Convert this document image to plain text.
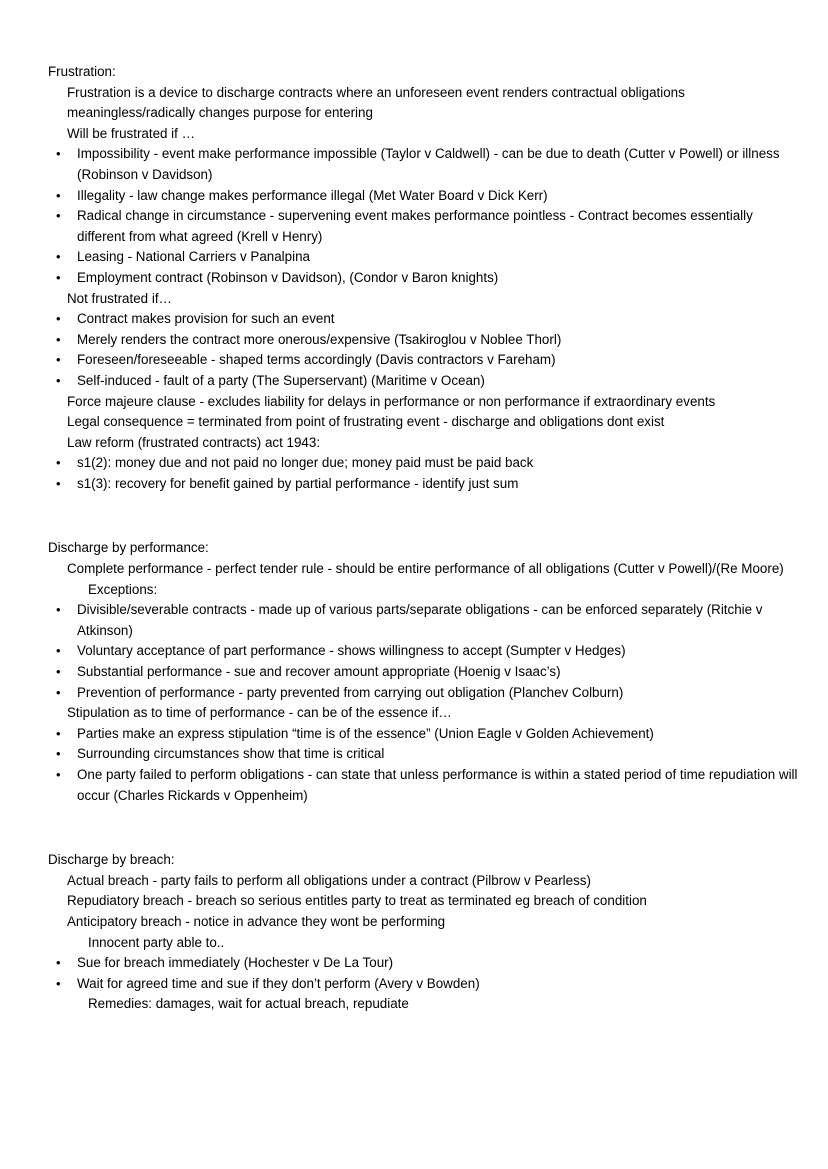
Frustration:

Frustration is a device to discharge contracts where an unforeseen event renders contractual obligations meaningless/radically changes purpose for entering

Will be frustrated if …

• Impossibility - event make performance impossible (Taylor v Caldwell) - can be due to death (Cutter v Powell) or illness (Robinson v Davidson)
• Illegality - law change makes performance illegal (Met Water Board v Dick Kerr)
• Radical change in circumstance - supervening event makes performance pointless - Contract becomes essentially different from what agreed (Krell v Henry)
• Leasing - National Carriers v Panalpina
• Employment contract (Robinson v Davidson), (Condor v Baron knights)

Not frustrated if…

• Contract makes provision for such an event
• Merely renders the contract more onerous/expensive (Tsakiroglou v Noblee Thorl)
• Foreseen/foreseeable - shaped terms accordingly (Davis contractors v Fareham)
• Self-induced - fault of a party (The Superservant) (Maritime v Ocean)

Force majeure clause - excludes liability for delays in performance or non performance if extraordinary events

Legal consequence = terminated from point of frustrating event - discharge and obligations dont exist

Law reform (frustrated contracts) act 1943:

• s1(2): money due and not paid no longer due; money paid must be paid back
• s1(3): recovery for benefit gained by partial performance - identify just sum

Discharge by performance:

Complete performance - perfect tender rule - should be entire performance of all obligations (Cutter v Powell)/(Re Moore)

Exceptions:

• Divisible/severable contracts - made up of various parts/separate obligations - can be enforced separately (Ritchie v Atkinson)
• Voluntary acceptance of part performance - shows willingness to accept (Sumpter v Hedges)
• Substantial performance - sue and recover amount appropriate (Hoenig v Isaac’s)
• Prevention of performance - party prevented from carrying out obligation (Planchev Colburn)

Stipulation as to time of performance - can be of the essence if…

• Parties make an express stipulation “time is of the essence” (Union Eagle v Golden Achievement)
• Surrounding circumstances show that time is critical
• One party failed to perform obligations - can state that unless performance is within a stated period of time repudiation will occur (Charles Rickards v Oppenheim)

Discharge by breach:

Actual breach - party fails to perform all obligations under a contract (Pilbrow v Pearless)

Repudiatory breach - breach so serious entitles party to treat as terminated eg breach of condition

Anticipatory breach - notice in advance they wont be performing

Innocent party able to..

• Sue for breach immediately (Hochester v De La Tour)
• Wait for agreed time and sue if they don’t perform (Avery v Bowden)

Remedies: damages, wait for actual breach, repudiate
